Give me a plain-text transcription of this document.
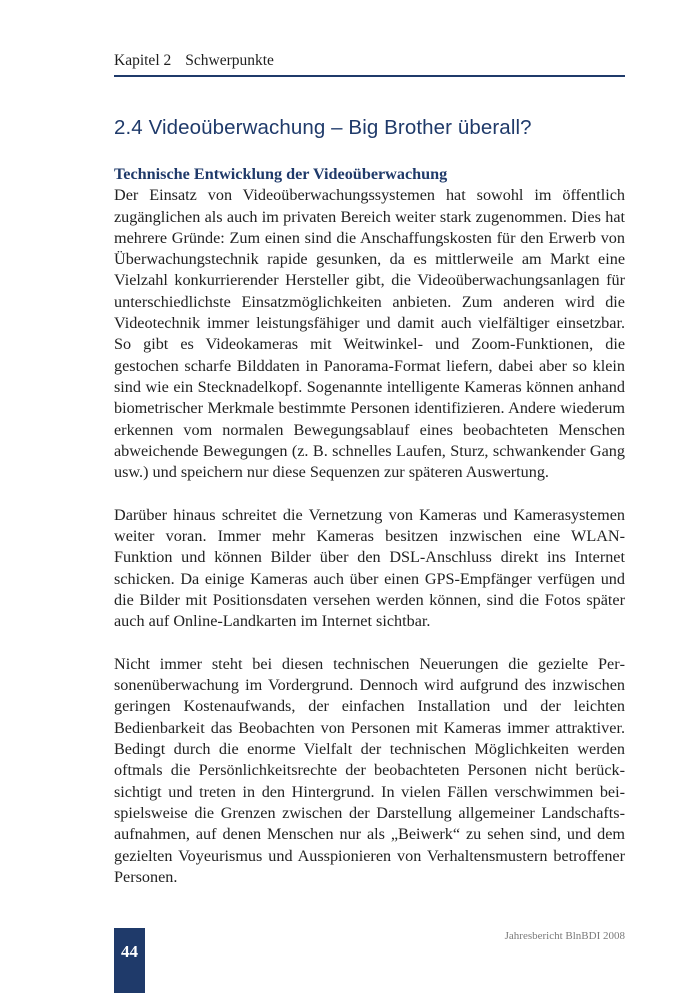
Kapitel 2 Schwerpunkte
2.4 Videoüberwachung – Big Brother überall?

Technische Entwicklung der Videoüberwachung
Der Einsatz von Videoüberwachungssystemen hat sowohl im öffentlich zugänglichen als auch im privaten Bereich weiter stark zugenommen. Dies hat mehrere Gründe: Zum einen sind die Anschaffungskosten für den Erwerb von Überwachungstechnik rapide gesunken, da es mittlerweile am Markt eine Vielzahl konkurrierender Hersteller gibt, die Videoüberwachungsanlagen für unterschiedlichste Einsatzmöglichkeiten anbieten. Zum anderen wird die Videotechnik immer leistungsfähiger und damit auch vielfältiger einsetzbar. So gibt es Videokameras mit Weitwinkel- und Zoom-Funktionen, die gestochen scharfe Bilddaten in Panorama-Format liefern, dabei aber so klein sind wie ein Stecknadelkopf. Sogenannte intelligente Kameras können anhand biometrischer Merkmale bestimmte Personen identifizieren. Andere wiederum erkennen vom normalen Bewegungsablauf eines beobachteten Menschen abweichende Bewegungen (z. B. schnelles Laufen, Sturz, schwankender Gang usw.) und speichern nur diese Sequenzen zur späteren Auswertung.

Darüber hinaus schreitet die Vernetzung von Kameras und Kamerasystemen weiter voran. Immer mehr Kameras besitzen inzwischen eine WLAN-Funktion und können Bilder über den DSL-Anschluss direkt ins Internet schicken. Da einige Kameras auch über einen GPS-Empfänger verfügen und die Bilder mit Positionsdaten versehen werden können, sind die Fotos später auch auf Online-Landkarten im Internet sichtbar.

Nicht immer steht bei diesen technischen Neuerungen die gezielte Personenüberwachung im Vordergrund. Dennoch wird aufgrund des inzwischen geringen Kostenaufwands, der einfachen Installation und der leichten Bedienbarkeit das Beobachten von Personen mit Kameras immer attraktiver. Bedingt durch die enorme Vielfalt der technischen Möglichkeiten werden oftmals die Persönlichkeitsrechte der beobachteten Personen nicht berücksichtigt und treten in den Hintergrund. In vielen Fällen verschwimmen beispielsweise die Grenzen zwischen der Darstellung allgemeiner Landschaftsaufnahmen, auf denen Menschen nur als „Beiwerk“ zu sehen sind, und dem gezielten Voyeurismus und Ausspionieren von Verhaltensmustern betroffener Personen.

44
Jahresbericht BlnBDI 2008
